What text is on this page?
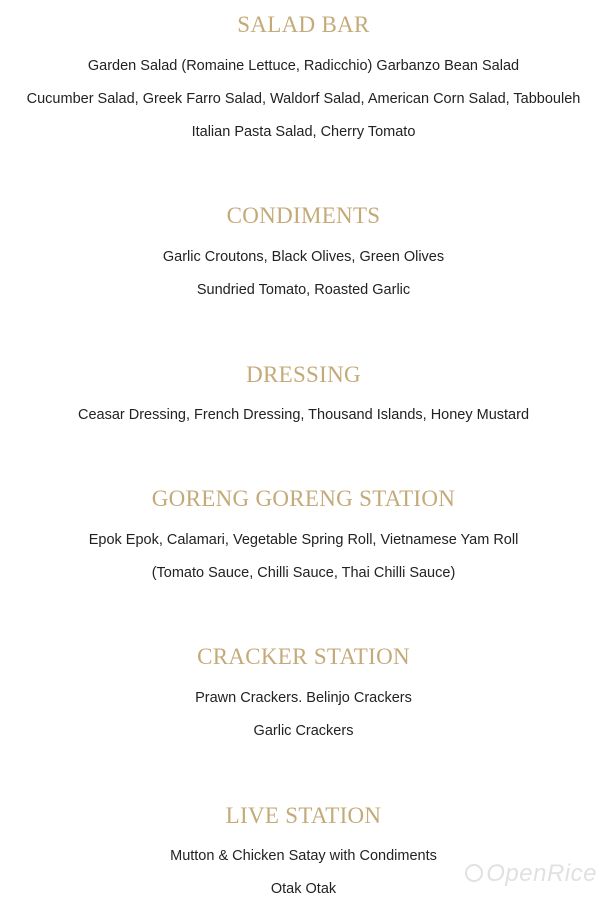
SALAD BAR
Garden Salad (Romaine Lettuce, Radicchio) Garbanzo Bean Salad
Cucumber Salad, Greek Farro Salad, Waldorf Salad, American Corn Salad, Tabbouleh
Italian Pasta Salad, Cherry Tomato
CONDIMENTS
Garlic Croutons, Black Olives, Green Olives
Sundried Tomato, Roasted Garlic
DRESSING
Ceasar Dressing, French Dressing, Thousand Islands, Honey Mustard
GORENG GORENG STATION
Epok Epok, Calamari, Vegetable Spring Roll, Vietnamese Yam Roll
(Tomato Sauce, Chilli Sauce, Thai Chilli Sauce)
CRACKER STATION
Prawn Crackers. Belinjo Crackers
Garlic Crackers
LIVE STATION
Mutton & Chicken Satay with Condiments
Otak Otak
OpenRice
